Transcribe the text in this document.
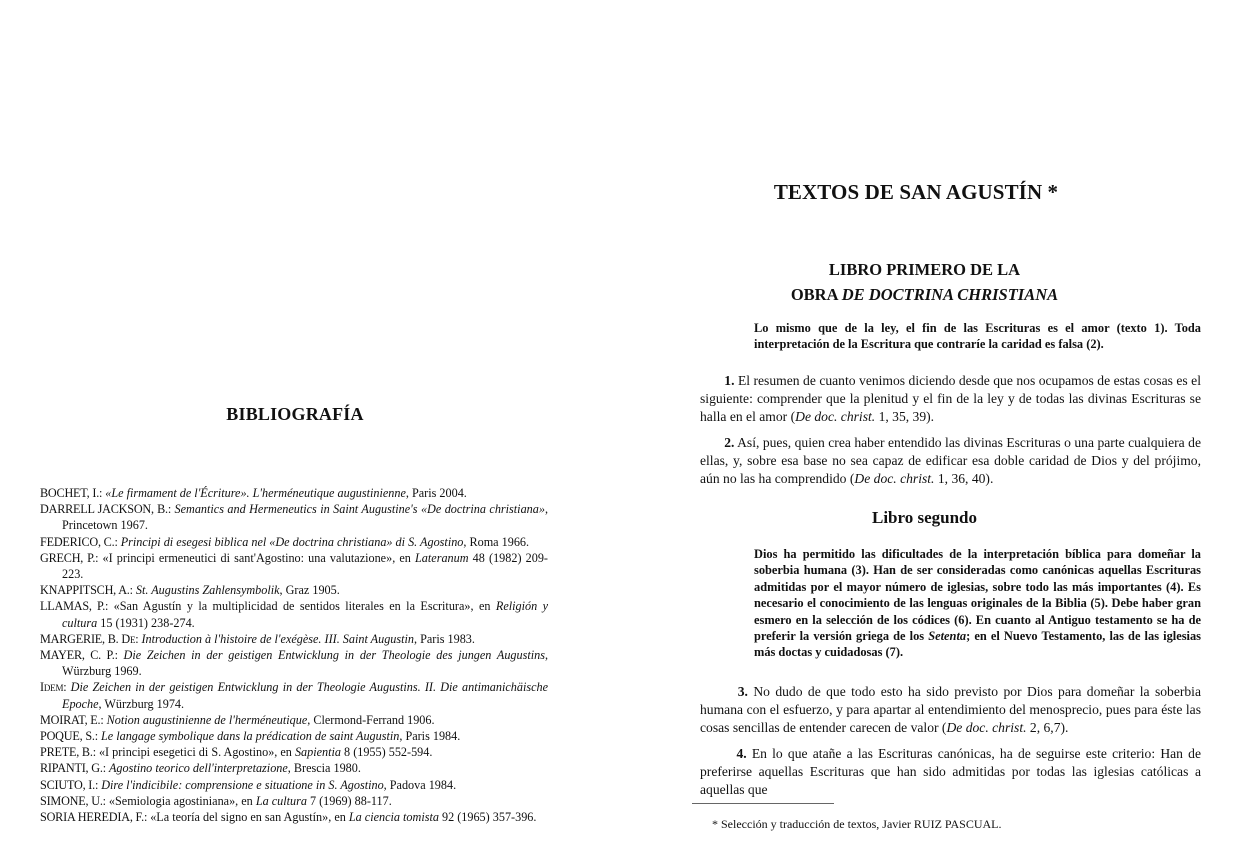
BIBLIOGRAFÍA
BOCHET, I.: «Le firmament de l'Écriture». L'herméneutique augustinienne, Paris 2004.
DARRELL JACKSON, B.: Semantics and Hermeneutics in Saint Augustine's «De doctrina christiana», Princetown 1967.
FEDERICO, C.: Principi di esegesi biblica nel «De doctrina christiana» di S. Agostino, Roma 1966.
GRECH, P.: «I principi ermeneutici di sant'Agostino: una valutazione», en Lateranum 48 (1982) 209-223.
KNAPPITSCH, A.: St. Augustins Zahlensymbolik, Graz 1905.
LLAMAS, P.: «San Agustín y la multiplicidad de sentidos literales en la Escritura», en Religión y cultura 15 (1931) 238-274.
MARGERIE, B. De: Introduction à l'histoire de l'exégèse. III. Saint Augustin, Paris 1983.
MAYER, C. P.: Die Zeichen in der geistigen Entwicklung in der Theologie des jungen Augustins, Würzburg 1969.
Idem: Die Zeichen in der geistigen Entwicklung in der Theologie Augustins. II. Die antimanichäische Epoche, Würzburg 1974.
MOIRAT, E.: Notion augustinienne de l'herméneutique, Clermond-Ferrand 1906.
POQUE, S.: Le langage symbolique dans la prédication de saint Augustin, Paris 1984.
PRETE, B.: «I principi esegetici di S. Agostino», en Sapientia 8 (1955) 552-594.
RIPANTI, G.: Agostino teorico dell'interpretazione, Brescia 1980.
SCIUTO, I.: Dire l'indicibile: comprensione e situatione in S. Agostino, Padova 1984.
SIMONE, U.: «Semiologia agostiniana», en La cultura 7 (1969) 88-117.
SORIA HEREDIA, F.: «La teoría del signo en san Agustín», en La ciencia tomista 92 (1965) 357-396.
TEXTOS DE SAN AGUSTÍN *
LIBRO PRIMERO DE LA
OBRA DE DOCTRINA CHRISTIANA
Lo mismo que de la ley, el fin de las Escrituras es el amor (texto 1). Toda interpretación de la Escritura que contraríe la caridad es falsa (2).
1. El resumen de cuanto venimos diciendo desde que nos ocupamos de estas cosas es el siguiente: comprender que la plenitud y el fin de la ley y de todas las divinas Escrituras se halla en el amor (De doc. christ. 1, 35, 39).
2. Así, pues, quien crea haber entendido las divinas Escrituras o una parte cualquiera de ellas, y, sobre esa base no sea capaz de edificar esa doble caridad de Dios y del prójimo, aún no las ha comprendido (De doc. christ. 1, 36, 40).
Libro segundo
Dios ha permitido las dificultades de la interpretación bíblica para domeñar la soberbia humana (3). Han de ser consideradas como canónicas aquellas Escrituras admitidas por el mayor número de iglesias, sobre todo las más importantes (4). Es necesario el conocimiento de las lenguas originales de la Biblia (5). Debe haber gran esmero en la selección de los códices (6). En cuanto al Antiguo testamento se ha de preferir la versión griega de los Setenta; en el Nuevo Testamento, las de las iglesias más doctas y cuidadosas (7).
3. No dudo de que todo esto ha sido previsto por Dios para domeñar la soberbia humana con el esfuerzo, y para apartar al entendimiento del menosprecio, pues para éste las cosas sencillas de entender carecen de valor (De doc. christ. 2, 6,7).
4. En lo que atañe a las Escrituras canónicas, ha de seguirse este criterio: Han de preferirse aquellas Escrituras que han sido admitidas por todas las iglesias católicas a aquellas que
* Selección y traducción de textos, Javier RUIZ PASCUAL.
